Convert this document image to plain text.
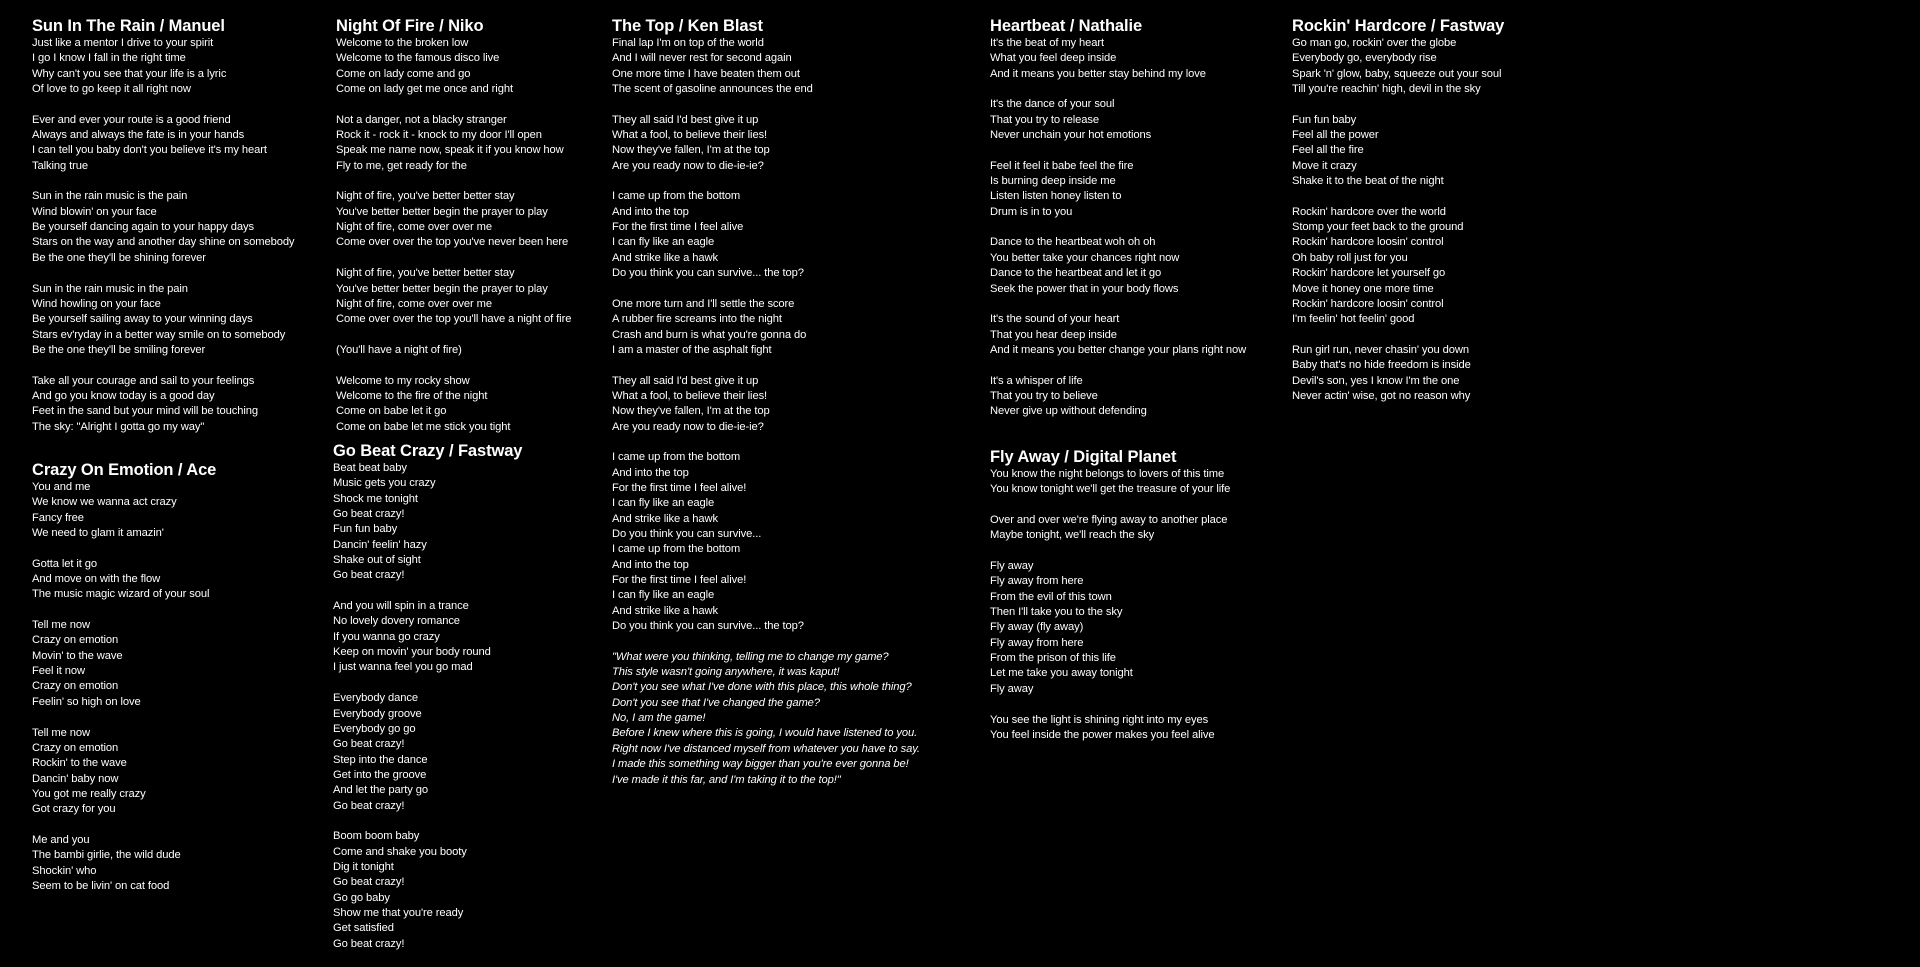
Sun In The Rain / Manuel
Just like a mentor I drive to your spirit
I go I know I fall in the right time
Why can't you see that your life is a lyric
Of love to go keep it all right now
Ever and ever your route is a good friend
Always and always the fate is in your hands
I can tell you baby don't you believe it's my heart
Talking true
Sun in the rain music is the pain
Wind blowin' on your face
Be yourself dancing again to your happy days
Stars on the way and another day shine on somebody
Be the one they'll be shining forever
Sun in the rain music in the pain
Wind howling on your face
Be yourself sailing away to your winning days
Stars ev'ryday in a better way smile on to somebody
Be the one they'll be smiling forever
Take all your courage and sail to your feelings
And go you know today is a good day
Feet in the sand but your mind will be touching
The sky: "Alright I gotta go my way"
Crazy On Emotion / Ace
You and me
We know we wanna act crazy
Fancy free
We need to glam it amazin'
Gotta let it go
And move on with the flow
The music magic wizard of your soul
Tell me now
Crazy on emotion
Movin' to the wave
Feel it now
Crazy on emotion
Feelin' so high on love
Tell me now
Crazy on emotion
Rockin' to the wave
Dancin' baby now
You got me really crazy
Got crazy for you
Me and you
The bambi girlie, the wild dude
Shockin' who
Seem to be livin' on cat food
Night Of Fire / Niko
Welcome to the broken low
Welcome to the famous disco live
Come on lady come and go
Come on lady get me once and right
Not a danger, not a blacky stranger
Rock it - rock it - knock to my door I'll open
Speak me name now, speak it if you know how
Fly to me, get ready for the
Night of fire, you've better better stay
You've better better begin the prayer to play
Night of fire, come over over me
Come over over the top you've never been here
Night of fire, you've better better stay
You've better better begin the prayer to play
Night of fire, come over over me
Come over over the top you'll have a night of fire
(You'll have a night of fire)
Welcome to my rocky show
Welcome to the fire of the night
Come on babe let it go
Come on babe let me stick you tight
Go Beat Crazy / Fastway
Beat beat baby
Music gets you crazy
Shock me tonight
Go beat crazy!
Fun fun baby
Dancin' feelin' hazy
Shake out of sight
Go beat crazy!
And you will spin in a trance
No lovely dovery romance
If you wanna go crazy
Keep on movin' your body round
I just wanna feel you go mad
Everybody dance
Everybody groove
Everybody go go
Go beat crazy!
Step into the dance
Get into the groove
And let the party go
Go beat crazy!
Boom boom baby
Come and shake you booty
Dig it tonight
Go beat crazy!
Go go baby
Show me that you're ready
Get satisfied
Go beat crazy!
The Top / Ken Blast
Final lap I'm on top of the world
And I will never rest for second again
One more time I have beaten them out
The scent of gasoline announces the end
They all said I'd best give it up
What a fool, to believe their lies!
Now they've fallen, I'm at the top
Are you ready now to die-ie-ie?
I came up from the bottom
And into the top
For the first time I feel alive
I can fly like an eagle
And strike like a hawk
Do you think you can survive... the top?
One more turn and I'll settle the score
A rubber fire screams into the night
Crash and burn is what you're gonna do
I am a master of the asphalt fight
They all said I'd best give it up
What a fool, to believe their lies!
Now they've fallen, I'm at the top
Are you ready now to die-ie-ie?
I came up from the bottom
And into the top
For the first time I feel alive!
I can fly like an eagle
And strike like a hawk
Do you think you can survive...
I came up from the bottom
And into the top
For the first time I feel alive!
I can fly like an eagle
And strike like a hawk
Do you think you can survive... the top?
"What were you thinking, telling me to change my game?
This style wasn't going anywhere, it was kaput!
Don't you see what I've done with this place, this whole thing?
Don't you see that I've changed the game?
No, I am the game!
Before I knew where this is going, I would have listened to you.
Right now I've distanced myself from whatever you have to say.
I made this something way bigger than you're ever gonna be!
I've made it this far, and I'm taking it to the top!"
Heartbeat / Nathalie
It's the beat of my heart
What you feel deep inside
And it means you better stay behind my love
It's the dance of your soul
That you try to release
Never unchain your hot emotions
Feel it feel it babe feel the fire
Is burning deep inside me
Listen listen honey listen to
Drum is in to you
Dance to the heartbeat woh oh oh
You better take your chances right now
Dance to the heartbeat and let it go
Seek the power that in your body flows
It's the sound of your heart
That you hear deep inside
And it means you better change your plans right now
It's a whisper of life
That you try to believe
Never give up without defending
Fly Away / Digital Planet
You know the night belongs to lovers of this time
You know tonight we'll get the treasure of your life
Over and over we're flying away to another place
Maybe tonight, we'll reach the sky
Fly away
Fly away from here
From the evil of this town
Then I'll take you to the sky
Fly away (fly away)
Fly away from here
From the prison of this life
Let me take you away tonight
Fly away
You see the light is shining right into my eyes
You feel inside the power makes you feel alive
Rockin' Hardcore / Fastway
Go man go, rockin' over the globe
Everybody go, everybody rise
Spark 'n' glow, baby, squeeze out your soul
Till you're reachin' high, devil in the sky
Fun fun baby
Feel all the power
Feel all the fire
Move it crazy
Shake it to the beat of the night
Rockin' hardcore over the world
Stomp your feet back to the ground
Rockin' hardcore loosin' control
Oh baby roll just for you
Rockin' hardcore let yourself go
Move it honey one more time
Rockin' hardcore loosin' control
I'm feelin' hot feelin' good
Run girl run, never chasin' you down
Baby that's no hide freedom is inside
Devil's son, yes I know I'm the one
Never actin' wise, got no reason why
